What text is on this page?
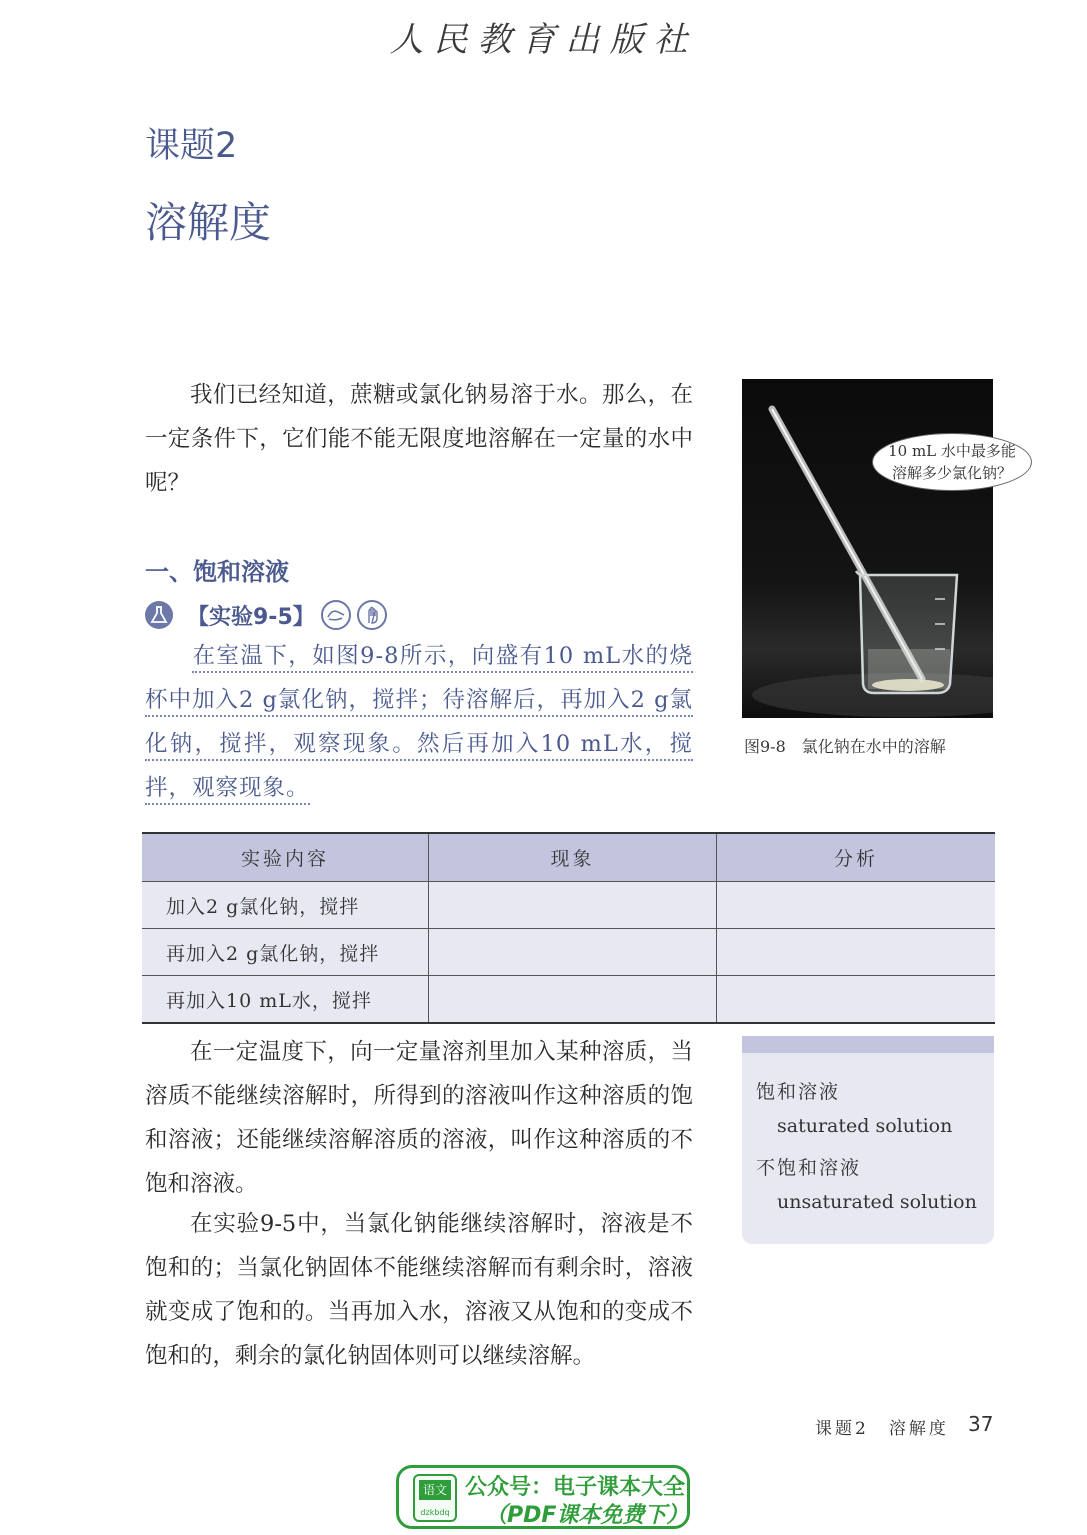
人民教育出版社
课题2
溶解度

我们已经知道，蔗糖或氯化钠易溶于水。那么，在一定条件下，它们能不能无限度地溶解在一定量的水中呢？

10 mL 水中最多能
溶解多少氯化钠？
图9-8　氯化钠在水中的溶解
一、饱和溶液
【实验9-5】

  在室温下，如图9-8所示，向盛有10 mL水的烧杯中加入2 g氯化钠，搅拌；待溶解后，再加入2 g氯化钠，搅拌，观察现象。然后再加入10 mL水，搅拌，观察现象。

实验内容	现象	分析
加入2 g氯化钠，搅拌		
再加入2 g氯化钠，搅拌		
再加入10 mL水，搅拌		

在一定温度下，向一定量溶剂里加入某种溶质，当溶质不能继续溶解时，所得到的溶液叫作这种溶质的饱和溶液；还能继续溶解溶质的溶液，叫作这种溶质的不饱和溶液。

在实验9-5中，当氯化钠能继续溶解时，溶液是不饱和的；当氯化钠固体不能继续溶解而有剩余时，溶液就变成了饱和的。当再加入水，溶液又从饱和的变成不饱和的，剩余的氯化钠固体则可以继续溶解。

饱和溶液
saturated solution
不饱和溶液
unsaturated solution
课题2　溶解度 37
语文
dzkbdq
公众号：电子课本大全
（PDF课本免费下）
